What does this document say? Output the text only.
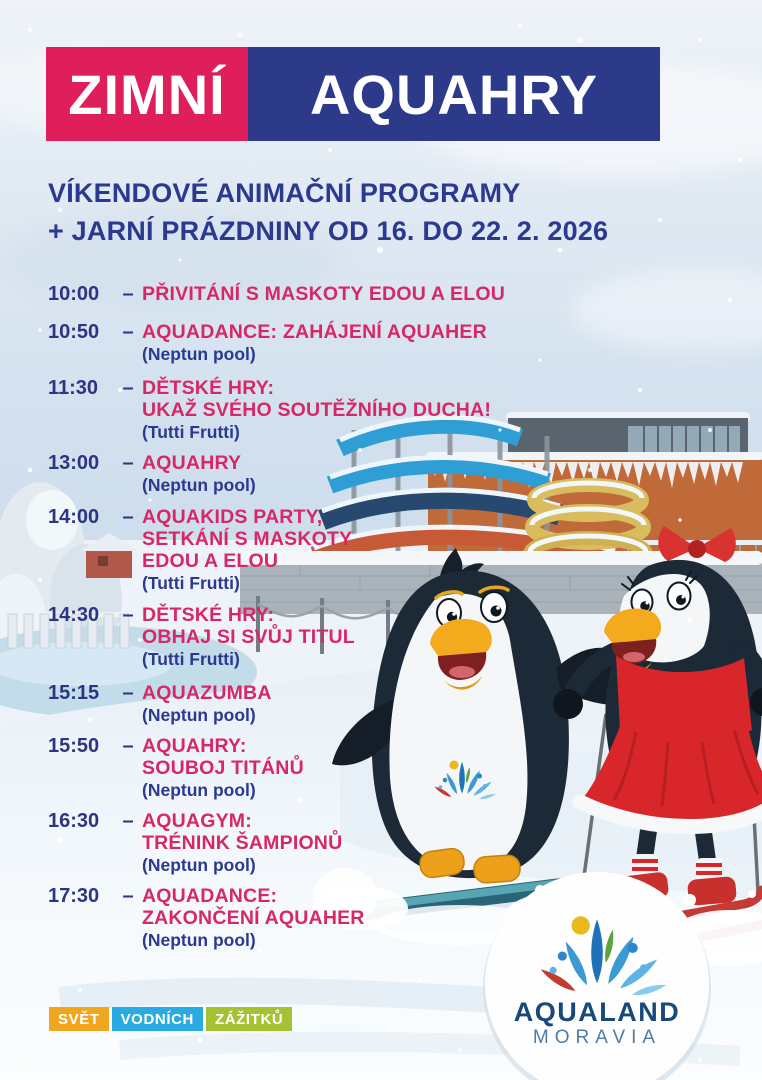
ZIMNÍ	AQUAHRY
VÍKENDOVÉ ANIMAČNÍ PROGRAMY
+ JARNÍ PRÁZDNINY OD 16. DO 22. 2. 2026
10:00	– PŘIVITÁNÍ S MASKOTY EDOU A ELOU
10:50	– AQUADANCE: ZAHÁJENÍ AQUAHER
(Neptun pool)
11:30	– DĚTSKÉ HRY:
UKAŽ SVÉHO SOUTĚŽNÍHO DUCHA!
(Tutti Frutti)
13:00	– AQUAHRY
(Neptun pool)
14:00	– AQUAKIDS PARTY,
SETKÁNÍ S MASKOTY
EDOU A ELOU
(Tutti Frutti)
14:30	– DĚTSKÉ HRY:
OBHAJ SI SVŮJ TITUL
(Tutti Frutti)
15:15	– AQUAZUMBA
(Neptun pool)
15:50	– AQUAHRY:
SOUBOJ TITÁNŮ
(Neptun pool)
16:30	– AQUAGYM:
TRÉNINK ŠAMPIONŮ
(Neptun pool)
17:30	– AQUADANCE:
ZAKONČENÍ AQUAHER
(Neptun pool)
SVĚT	VODNÍCH	ZÁŽITKŮ	AQUALAND
MORAVIA
